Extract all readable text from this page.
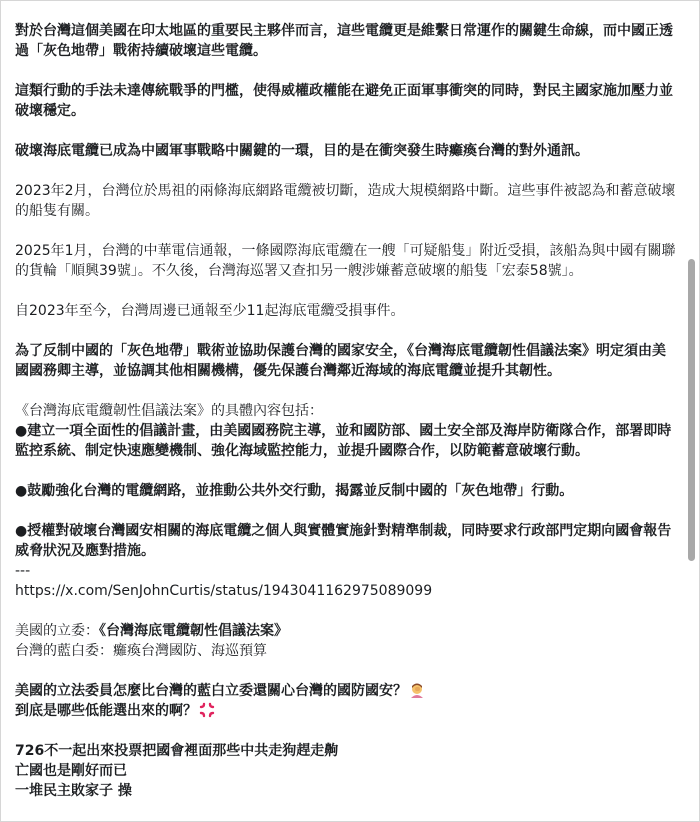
對於台灣這個美國在印太地區的重要民主夥伴而言，這些電纜更是維繫日常運作的關鍵生命線，而中國正透過「灰色地帶」戰術持續破壞這些電纜。

這類行動的手法未達傳統戰爭的門檻，使得威權政權能在避免正面軍事衝突的同時，對民主國家施加壓力並破壞穩定。

破壞海底電纜已成為中國軍事戰略中關鍵的一環，目的是在衝突發生時癱瘓台灣的對外通訊。

2023年2月，台灣位於馬祖的兩條海底網路電纜被切斷，造成大規模網路中斷。這些事件被認為和蓄意破壞的船隻有關。

2025年1月，台灣的中華電信通報，一條國際海底電纜在一艘「可疑船隻」附近受損，該船為與中國有關聯的貨輪「順興39號」。不久後，台灣海巡署又查扣另一艘涉嫌蓄意破壞的船隻「宏泰58號」。

自2023年至今，台灣周邊已通報至少11起海底電纜受損事件。

為了反制中國的「灰色地帶」戰術並協助保護台灣的國家安全，《台灣海底電纜韌性倡議法案》明定須由美國國務卿主導，並協調其他相關機構，優先保護台灣鄰近海域的海底電纜並提升其韌性。

《台灣海底電纜韌性倡議法案》的具體內容包括：

●建立一項全面性的倡議計畫，由美國國務院主導，並和國防部、國土安全部及海岸防衛隊合作，部署即時監控系統、制定快速應變機制、強化海域監控能力，並提升國際合作，以防範蓄意破壞行動。

●鼓勵強化台灣的電纜網路，並推動公共外交行動，揭露並反制中國的「灰色地帶」行動。

●授權對破壞台灣國安相關的海底電纜之個人與實體實施針對精準制裁，同時要求行政部門定期向國會報告威脅狀況及應對措施。

---

https://x.com/SenJohnCurtis/status/1943041162975089099

美國的立委：《台灣海底電纜韌性倡議法案》

台灣的藍白委：癱瘓台灣國防、海巡預算

美國的立法委員怎麼比台灣的藍白立委還關心台灣的國防國安？

到底是哪些低能選出來的啊？

726不一起出來投票把國會裡面那些中共走狗趕走齁

亡國也是剛好而已

一堆民主敗家子 操
